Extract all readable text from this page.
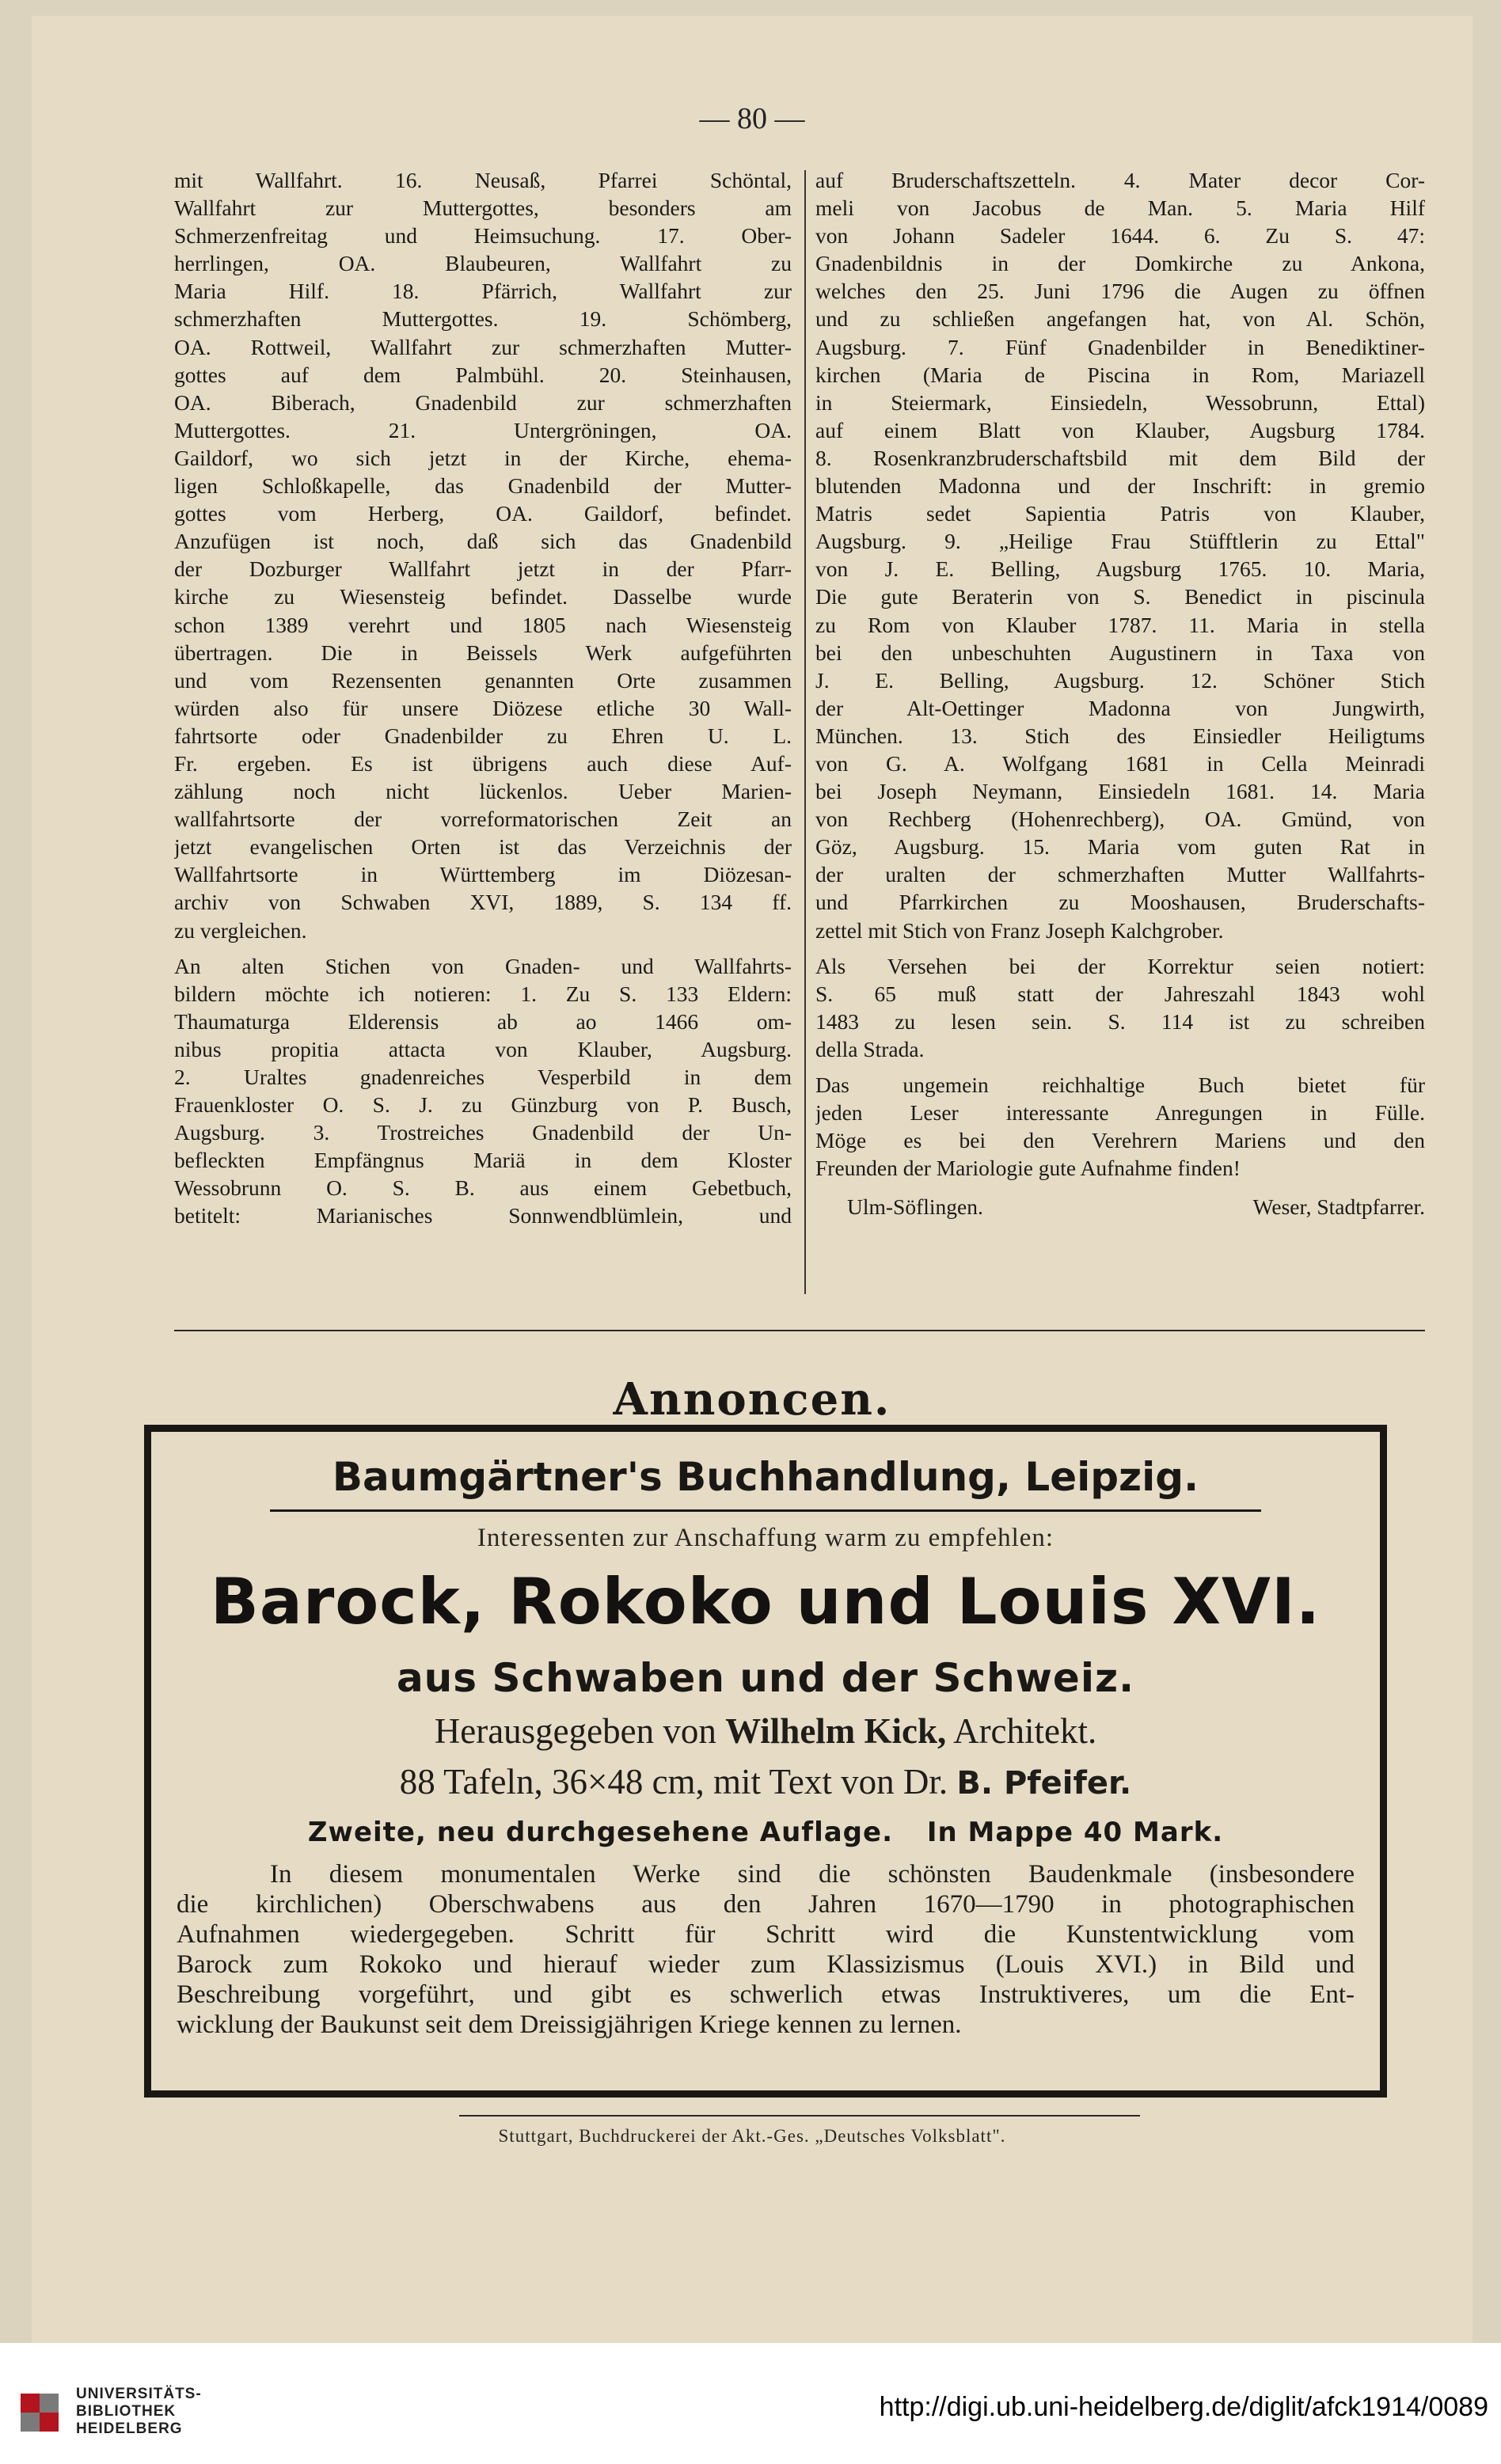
— 80 —
mit Wallfahrt. 16. Neusaß, Pfarrei Schöntal,
Wallfahrt zur Muttergottes, besonders am
Schmerzenfreitag und Heimsuchung. 17. Ober-
herrlingen, OA. Blaubeuren, Wallfahrt zu
Maria Hilf. 18. Pfärrich, Wallfahrt zur
schmerzhaften Muttergottes. 19. Schömberg,
OA. Rottweil, Wallfahrt zur schmerzhaften Mutter-
gottes auf dem Palmbühl. 20. Steinhausen,
OA. Biberach, Gnadenbild zur schmerzhaften
Muttergottes. 21. Untergröningen, OA.
Gaildorf, wo sich jetzt in der Kirche, ehema-
ligen Schloßkapelle, das Gnadenbild der Mutter-
gottes vom Herberg, OA. Gaildorf, befindet.
Anzufügen ist noch, daß sich das Gnadenbild
der Dozburger Wallfahrt jetzt in der Pfarr-
kirche zu Wiesensteig befindet. Dasselbe wurde
schon 1389 verehrt und 1805 nach Wiesensteig
übertragen. Die in Beissels Werk aufgeführten
und vom Rezensenten genannten Orte zusammen
würden also für unsere Diözese etliche 30 Wall-
fahrtsorte oder Gnadenbilder zu Ehren U. L.
Fr. ergeben. Es ist übrigens auch diese Auf-
zählung noch nicht lückenlos. Ueber Marien-
wallfahrtsorte der vorreformatorischen Zeit an
jetzt evangelischen Orten ist das Verzeichnis der
Wallfahrtsorte in Württemberg im Diözesan-
archiv von Schwaben XVI, 1889, S. 134 ff.
zu vergleichen.
An alten Stichen von Gnaden- und Wallfahrts-
bildern möchte ich notieren: 1. Zu S. 133 Eldern:
Thaumaturga Elderensis ab ao 1466 om-
nibus propitia attacta von Klauber, Augsburg.
2. Uraltes gnadenreiches Vesperbild in dem
Frauenkloster O. S. J. zu Günzburg von P. Busch,
Augsburg. 3. Trostreiches Gnadenbild der Un-
befleckten Empfängnus Mariä in dem Kloster
Wessobrunn O. S. B. aus einem Gebetbuch,
betitelt: Marianisches Sonnwendblümlein, und
auf Bruderschaftszetteln. 4. Mater decor Cor-
meli von Jacobus de Man. 5. Maria Hilf
von Johann Sadeler 1644. 6. Zu S. 47:
Gnadenbildnis in der Domkirche zu Ankona,
welches den 25. Juni 1796 die Augen zu öffnen
und zu schließen angefangen hat, von Al. Schön,
Augsburg. 7. Fünf Gnadenbilder in Benediktiner-
kirchen (Maria de Piscina in Rom, Mariazell
in Steiermark, Einsiedeln, Wessobrunn, Ettal)
auf einem Blatt von Klauber, Augsburg 1784.
8. Rosenkranzbruderschaftsbild mit dem Bild der
blutenden Madonna und der Inschrift: in gremio
Matris sedet Sapientia Patris von Klauber,
Augsburg. 9. „Heilige Frau Stüfftlerin zu Ettal"
von J. E. Belling, Augsburg 1765. 10. Maria,
Die gute Beraterin von S. Benedict in piscinula
zu Rom von Klauber 1787. 11. Maria in stella
bei den unbeschuhten Augustinern in Taxa von
J. E. Belling, Augsburg. 12. Schöner Stich
der Alt-Oettinger Madonna von Jungwirth,
München. 13. Stich des Einsiedler Heiligtums
von G. A. Wolfgang 1681 in Cella Meinradi
bei Joseph Neymann, Einsiedeln 1681. 14. Maria
von Rechberg (Hohenrechberg), OA. Gmünd, von
Göz, Augsburg. 15. Maria vom guten Rat in
der uralten der schmerzhaften Mutter Wallfahrts-
und Pfarrkirchen zu Mooshausen, Bruderschafts-
zettel mit Stich von Franz Joseph Kalchgrober.
Als Versehen bei der Korrektur seien notiert:
S. 65 muß statt der Jahreszahl 1843 wohl
1483 zu lesen sein. S. 114 ist zu schreiben
della Strada.
Das ungemein reichhaltige Buch bietet für
jeden Leser interessante Anregungen in Fülle.
Möge es bei den Verehrern Mariens und den
Freunden der Mariologie gute Aufnahme finden!
Ulm-Söflingen.	Weser, Stadtpfarrer.
Annoncen.
Baumgärtner's Buchhandlung, Leipzig.
Interessenten zur Anschaffung warm zu empfehlen:
Barock, Rokoko und Louis XVI.
aus Schwaben und der Schweiz.
Herausgegeben von Wilhelm Kick, Architekt.
88 Tafeln, 36×48 cm, mit Text von Dr. B. Pfeifer.
Zweite, neu durchgesehene Auflage. In Mappe 40 Mark.
In diesem monumentalen Werke sind die schönsten Baudenkmale (insbesondere
die kirchlichen) Oberschwabens aus den Jahren 1670—1790 in photographischen
Aufnahmen wiedergegeben. Schritt für Schritt wird die Kunstentwicklung vom
Barock zum Rokoko und hierauf wieder zum Klassizismus (Louis XVI.) in Bild und
Beschreibung vorgeführt, und gibt es schwerlich etwas Instruktiveres, um die Ent-
wicklung der Baukunst seit dem Dreissigjährigen Kriege kennen zu lernen.
Stuttgart, Buchdruckerei der Akt.-Ges. „Deutsches Volksblatt".
UNIVERSITÄTS-
BIBLIOTHEK
HEIDELBERG
http://digi.ub.uni-heidelberg.de/diglit/afck1914/0089
